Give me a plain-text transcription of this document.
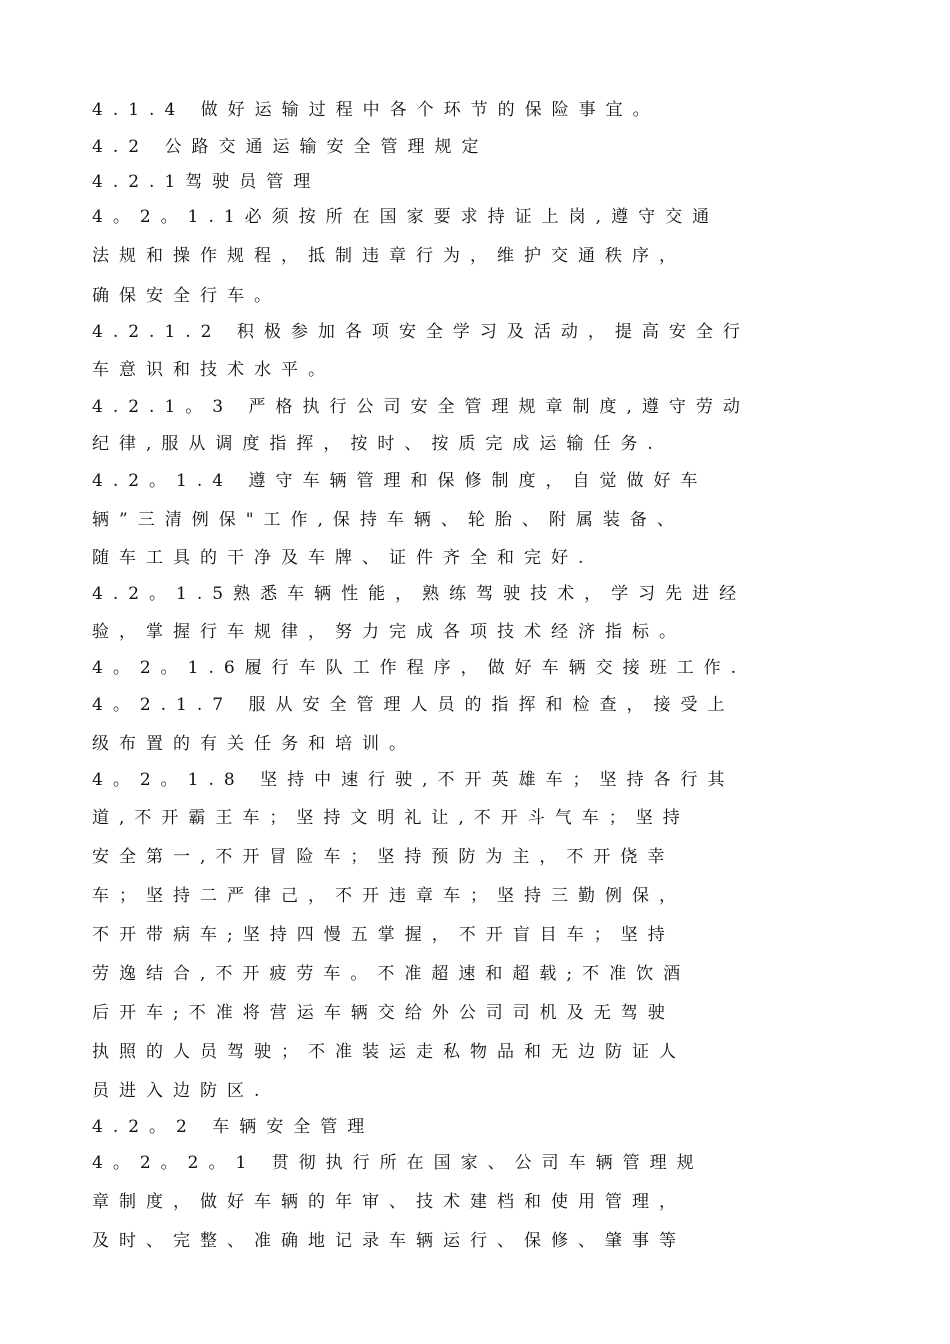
4.1.4 做好运输过程中各个环节的保险事宜。
4.2 公路交通运输安全管理规定
4.2.1驾驶员管理
4。2。1.1必须按所在国家要求持证上岗,遵守交通
法规和操作规程，抵制违章行为，维护交通秩序，
确保安全行车。
4.2.1.2 积极参加各项安全学习及活动，提高安全行
车意识和技术水平。
4.2.1。3 严格执行公司安全管理规章制度,遵守劳动
纪律,服从调度指挥，按时、按质完成运输任务.
4.2。1.4 遵守车辆管理和保修制度，自觉做好车
辆”三清例保"工作,保持车辆、轮胎、附属装备、
随车工具的干净及车牌、证件齐全和完好.
4.2。1.5熟悉车辆性能，熟练驾驶技术，学习先进经
验，掌握行车规律，努力完成各项技术经济指标。
4。2。1.6履行车队工作程序，做好车辆交接班工作.
4。2.1.7 服从安全管理人员的指挥和检查，接受上
级布置的有关任务和培训。
4。2。1.8 坚持中速行驶,不开英雄车；坚持各行其
道,不开霸王车；坚持文明礼让,不开斗气车；坚持
安全第一,不开冒险车；坚持预防为主，不开侥幸
车；坚持二严律己，不开违章车；坚持三勤例保，
不开带病车;坚持四慢五掌握，不开盲目车；坚持
劳逸结合,不开疲劳车。不准超速和超载;不准饮酒
后开车;不准将营运车辆交给外公司司机及无驾驶
执照的人员驾驶；不准装运走私物品和无边防证人
员进入边防区.
4.2。2 车辆安全管理
4。2。2。1 贯彻执行所在国家、公司车辆管理规
章制度，做好车辆的年审、技术建档和使用管理，
及时、完整、准确地记录车辆运行、保修、肇事等
